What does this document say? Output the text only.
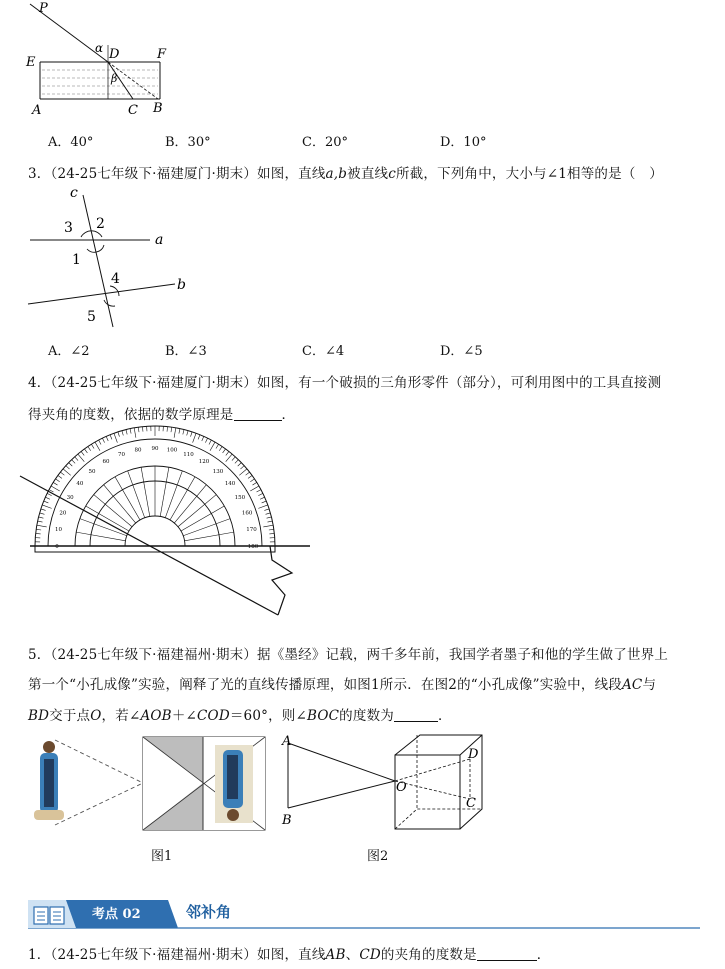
P
E
F
D
α
β
A	C B
A．40°	B．30°	C．20°	D．10°
3．（24-25七年级下·福建厦门·期末）如图，直线a,b被直线c所截，下列角中，大小与∠1相等的是（　）
c
a
b
3 2
1
4
5
A．∠2	B．∠3	C．∠4	D．∠5
4．（24-25七年级下·福建厦门·期末）如图，有一个破损的三角形零件（部分），可利用图中的工具直接测
得夹角的度数，依据的数学原理是	．
0
10
20
30
40
50
60
70
80 90 100
110
120
130
140
150
160
170
180
5．（24-25七年级下·福建福州·期末）据《墨经》记载，两千多年前，我国学者墨子和他的学生做了世界上
第一个“小孔成像”实验，阐释了光的直线传播原理，如图1所示．在图2的“小孔成像”实验中，线段AC与
BD交于点O，若∠AOB＋∠COD＝60°，则∠BOC的度数为	．
A
B
O
D
C
图1	图2
考点 02	邻补角
1．（24-25七年级下·福建福州·期末）如图，直线AB、CD的夹角的度数是	．
